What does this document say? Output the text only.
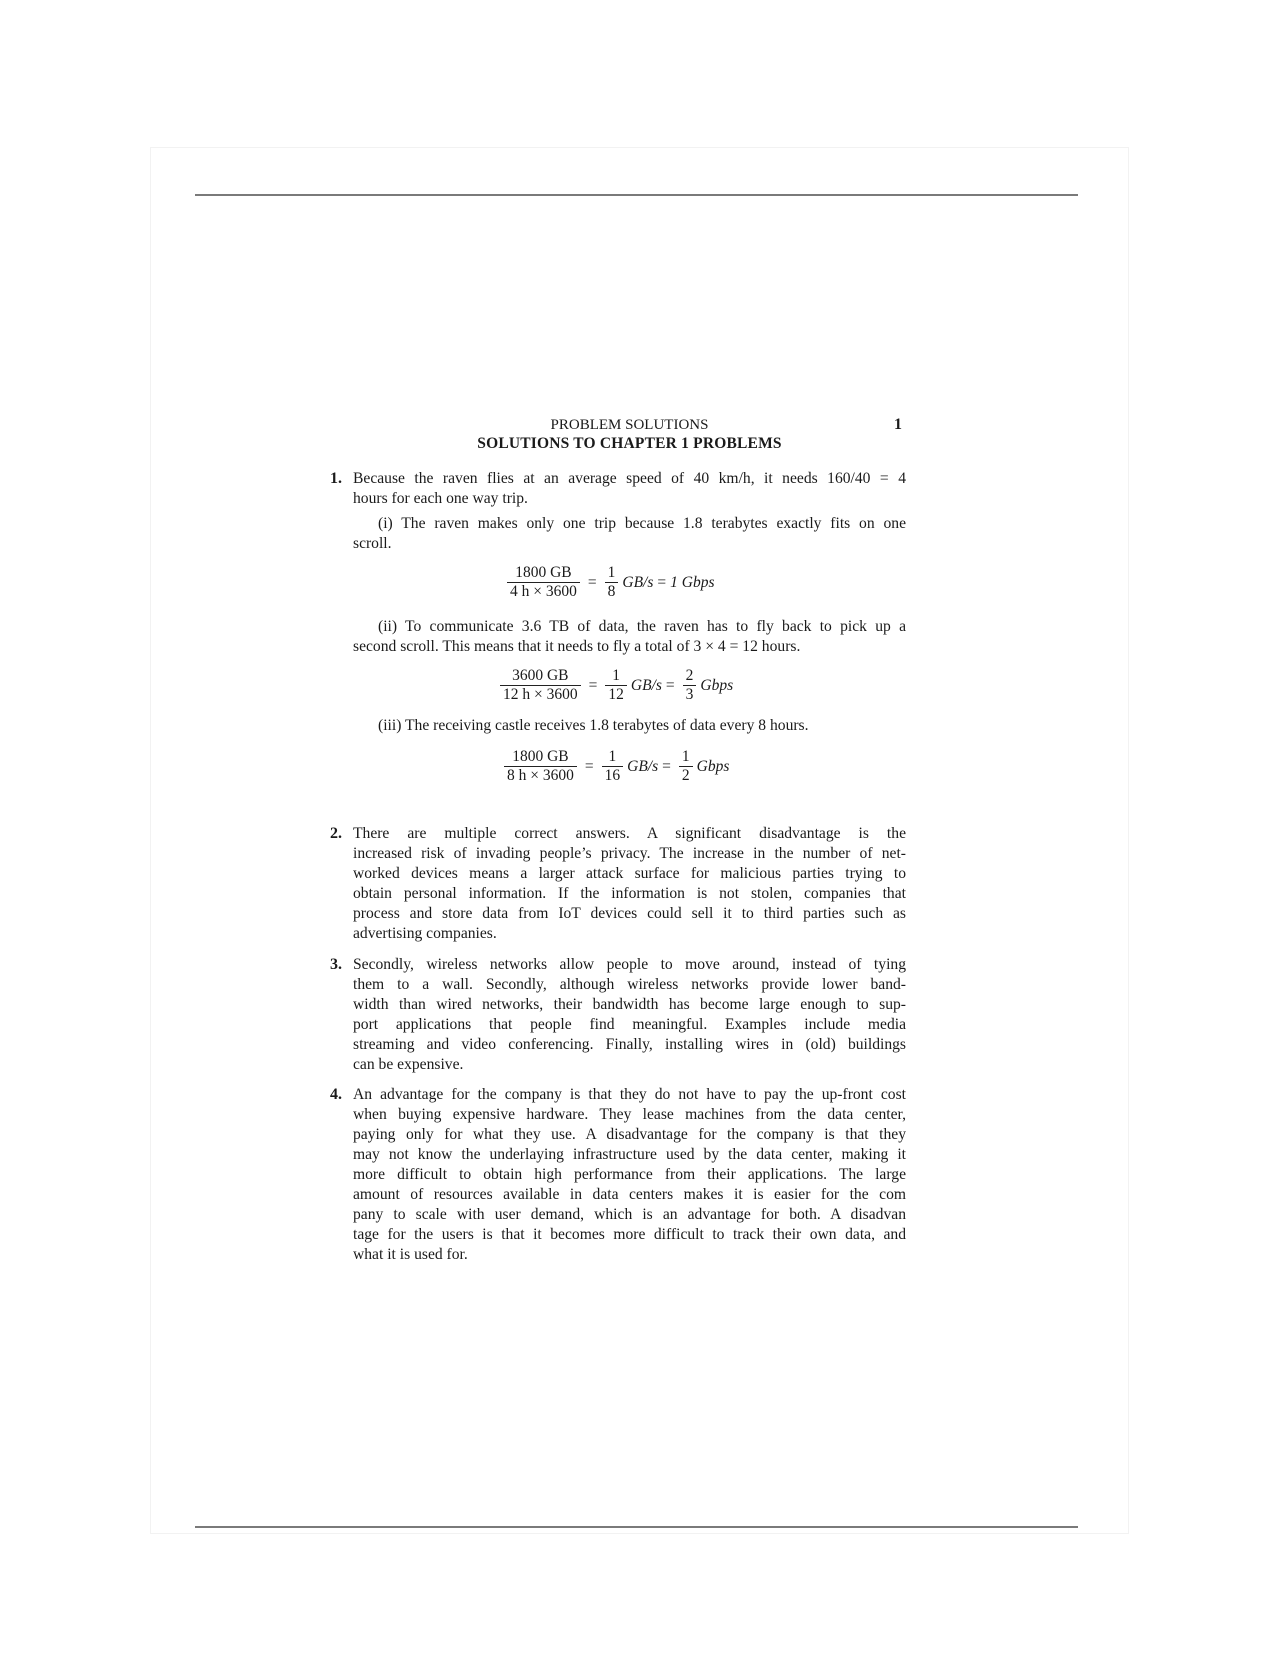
PROBLEM SOLUTIONS	1
SOLUTIONS TO CHAPTER 1 PROBLEMS
1. Because the raven flies at an average speed of 40 km/h, it needs 160/40 = 4
hours for each one way trip.
(i) The raven makes only one trip because 1.8 terabytes exactly fits on one
scroll.
$\frac{1800 GB}{4 h \times 3600} = \frac{1}{8} GB/s = 1$ Gbps
(ii) To communicate 3.6 TB of data, the raven has to fly back to pick up a
second scroll. This means that it needs to fly a total of 3 × 4 = 12 hours.
$\frac{3600 GB}{12 h \times 3600} = \frac{1}{12} GB/s = \frac{2}{3}$ Gbps
(iii) The receiving castle receives 1.8 terabytes of data every 8 hours.
$\frac{1800 GB}{8 h \times 3600} = \frac{1}{16} GB/s = \frac{1}{2}$ Gbps
2. There are multiple correct answers. A significant disadvantage is the
increased risk of invading people’s privacy. The increase in the number of net-
worked devices means a larger attack surface for malicious parties trying to
obtain personal information. If the information is not stolen, companies that
process and store data from IoT devices could sell it to third parties such as
advertising companies.
3. Secondly, wireless networks allow people to move around, instead of tying
them to a wall. Secondly, although wireless networks provide lower band-
width than wired networks, their bandwidth has become large enough to sup-
port applications that people find meaningful. Examples include media
streaming and video conferencing. Finally, installing wires in (old) buildings
can be expensive.
4. An advantage for the company is that they do not have to pay the up-front cost
when buying expensive hardware. They lease machines from the data center,
paying only for what they use. A disadvantage for the company is that they
may not know the underlaying infrastructure used by the data center, making it
more difficult to obtain high performance from their applications. The large
amount of resources available in data centers makes it is easier for the com
pany to scale with user demand, which is an advantage for both. A disadvan
tage for the users is that it becomes more difficult to track their own data, and
what it is used for.
